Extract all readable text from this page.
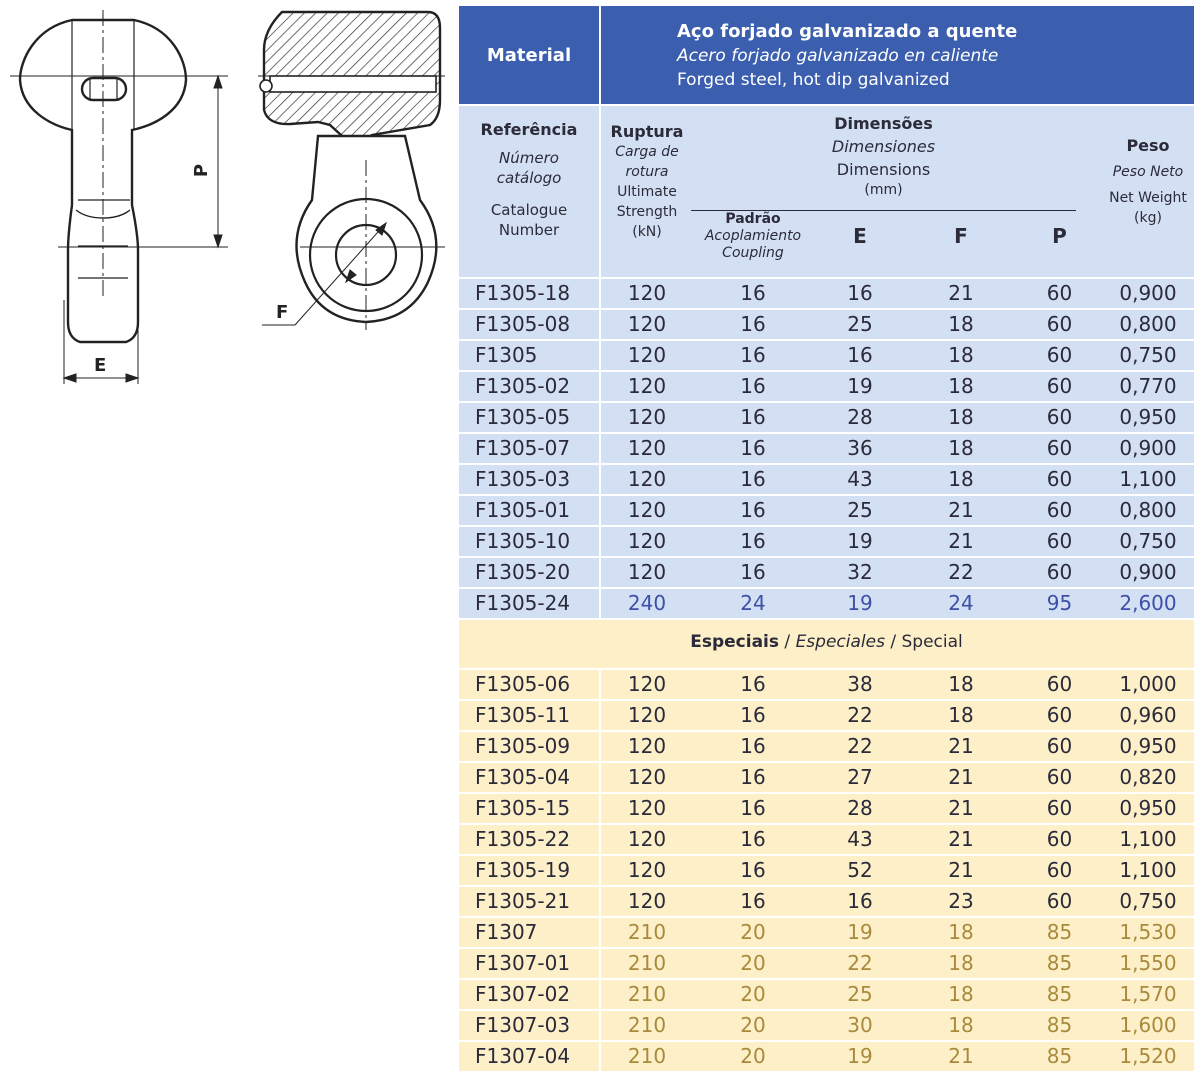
P
F
E
Material
Aço forjado galvanizado a quente
Acero forjado galvanizado en caliente
Forged steel, hot dip galvanized
Referência
Número
catálogo
Catalogue
Number
Ruptura
Carga de
rotura
Ultimate
Strength
(kN)
Dimensões
Dimensiones
Dimensions
(mm)
Padrão
Acoplamiento
Coupling
E	F	P
Peso
Peso Neto
Net Weight
(kg)
F1305-18	120	16	16	21	60	0,900
F1305-08	120	16	25	18	60	0,800
F1305	120	16	16	18	60	0,750
F1305-02	120	16	19	18	60	0,770
F1305-05	120	16	28	18	60	0,950
F1305-07	120	16	36	18	60	0,900
F1305-03	120	16	43	18	60	1,100
F1305-01	120	16	25	21	60	0,800
F1305-10	120	16	19	21	60	0,750
F1305-20	120	16	32	22	60	0,900
F1305-24	240	24	19	24	95	2,600
Especiais / Especiales / Special
F1305-06	120	16	38	18	60	1,000
F1305-11	120	16	22	18	60	0,960
F1305-09	120	16	22	21	60	0,950
F1305-04	120	16	27	21	60	0,820
F1305-15	120	16	28	21	60	0,950
F1305-22	120	16	43	21	60	1,100
F1305-19	120	16	52	21	60	1,100
F1305-21	120	16	16	23	60	0,750
F1307	210	20	19	18	85	1,530
F1307-01	210	20	22	18	85	1,550
F1307-02	210	20	25	18	85	1,570
F1307-03	210	20	30	18	85	1,600
F1307-04	210	20	19	21	85	1,520
